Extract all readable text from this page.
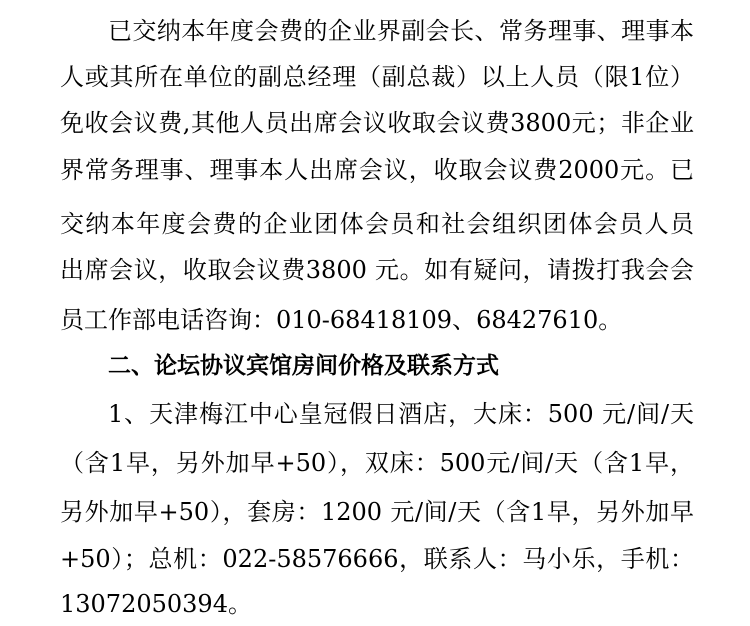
已交纳本年度会费的企业界副会长、常务理事、理事本
人或其所在单位的副总经理（副总裁）以上人员（限1位）
免收会议费,其他人员出席会议收取会议费3800元；非企业
界常务理事、理事本人出席会议，收取会议费2000元。已
交纳本年度会费的企业团体会员和社会组织团体会员人员
出席会议，收取会议费3800 元。如有疑问，请拨打我会会
员工作部电话咨询：010-68418109、68427610。
二、论坛协议宾馆房间价格及联系方式
1、天津梅江中心皇冠假日酒店，大床：500 元/间/天
（含1早，另外加早+50），双床：500元/间/天（含1早，
另外加早+50），套房：1200 元/间/天（含1早，另外加早
+50）；总机：022-58576666，联系人：马小乐，手机：
13072050394。
